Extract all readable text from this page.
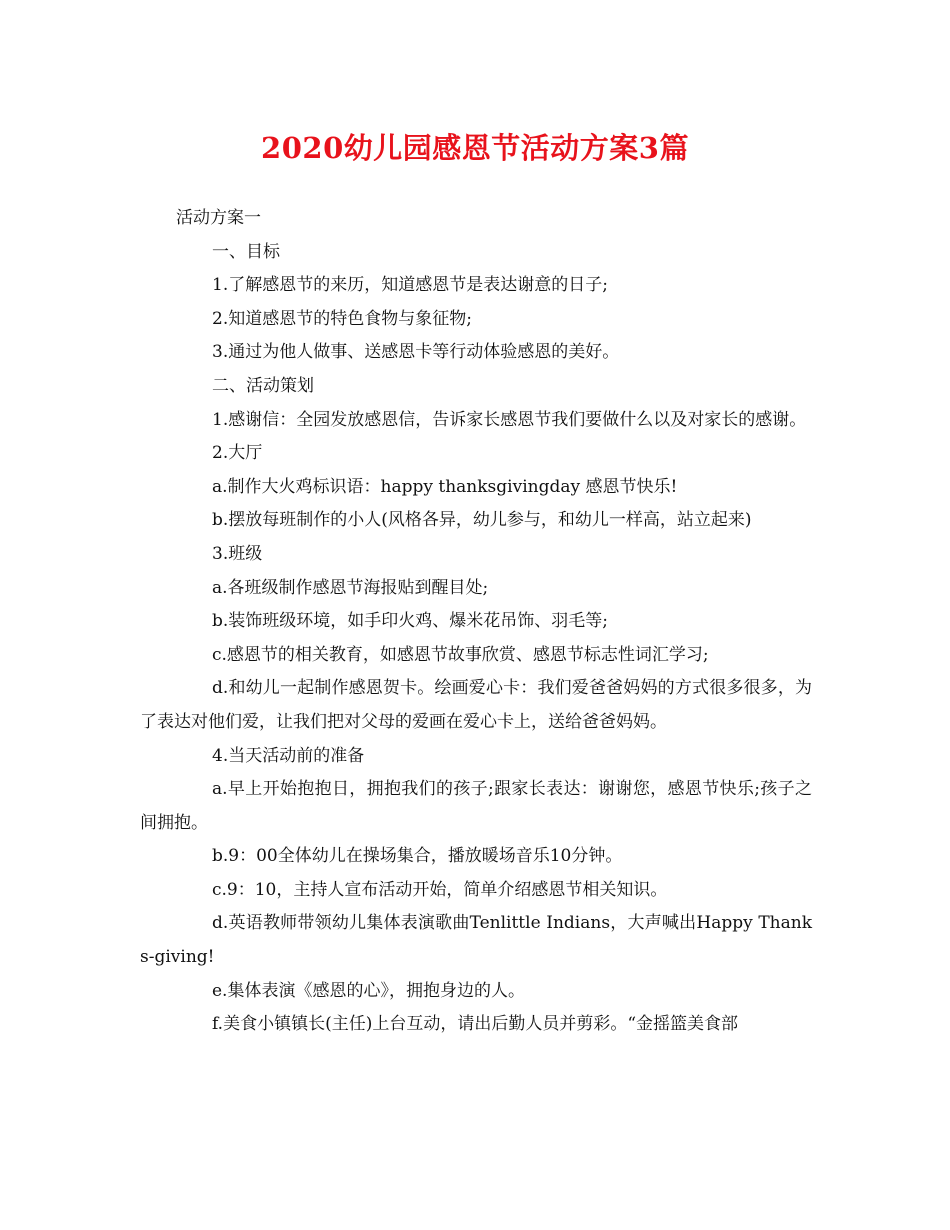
2020幼儿园感恩节活动方案3篇

活动方案一

一、目标

1.了解感恩节的来历，知道感恩节是表达谢意的日子;

2.知道感恩节的特色食物与象征物;

3.通过为他人做事、送感恩卡等行动体验感恩的美好。

二、活动策划

1.感谢信：全园发放感恩信，告诉家长感恩节我们要做什么以及对家长的感谢。

2.大厅

a.制作大火鸡标识语：happy thanksgivingday 感恩节快乐!

b.摆放每班制作的小人(风格各异，幼儿参与，和幼儿一样高，站立起来)

3.班级

a.各班级制作感恩节海报贴到醒目处;

b.装饰班级环境，如手印火鸡、爆米花吊饰、羽毛等;

c.感恩节的相关教育，如感恩节故事欣赏、感恩节标志性词汇学习;

d.和幼儿一起制作感恩贺卡。绘画爱心卡：我们爱爸爸妈妈的方式很多很多，为了表达对他们爱，让我们把对父母的爱画在爱心卡上，送给爸爸妈妈。

4.当天活动前的准备

a.早上开始抱抱日，拥抱我们的孩子;跟家长表达：谢谢您，感恩节快乐;孩子之间拥抱。

b.9：00全体幼儿在操场集合，播放暖场音乐10分钟。

c.9：10，主持人宣布活动开始，简单介绍感恩节相关知识。

d.英语教师带领幼儿集体表演歌曲Tenlittle Indians，大声喊出Happy Thanks-giving!

e.集体表演《感恩的心》，拥抱身边的人。

f.美食小镇镇长(主任)上台互动，请出后勤人员并剪彩。“金摇篮美食部
